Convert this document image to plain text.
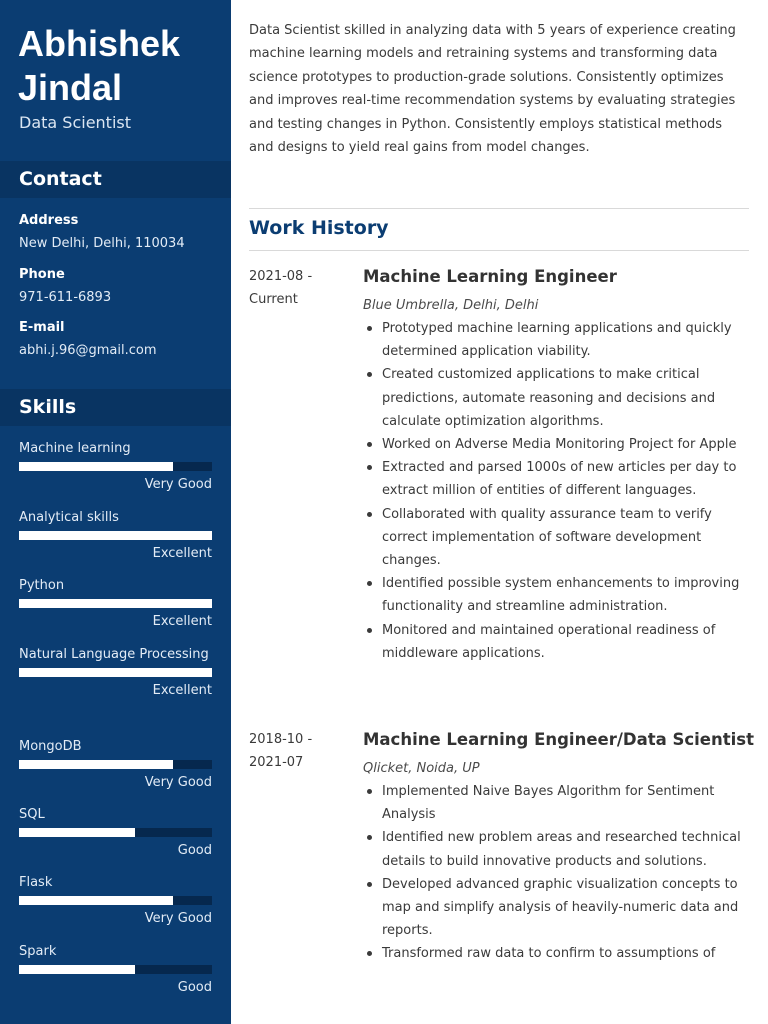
Abhishek
Jindal
Data Scientist
Contact
Address
New Delhi, Delhi, 110034
Phone
971-611-6893
E-mail
abhi.j.96@gmail.com
Skills
Machine learning
Very Good
Analytical skills
Excellent
Python
Excellent
Natural Language Processing
Excellent
MongoDB
Very Good
SQL
Good
Flask
Very Good
Spark
Good
Data Scientist skilled in analyzing data with 5 years of experience creating machine learning models and retraining systems and transforming data science prototypes to production-grade solutions. Consistently optimizes and improves real-time recommendation systems by evaluating strategies and testing changes in Python. Consistently employs statistical methods and designs to yield real gains from model changes.
Work History
2021-08 -
Current
Machine Learning Engineer
Blue Umbrella, Delhi, Delhi
Prototyped machine learning applications and quickly determined application viability.
Created customized applications to make critical predictions, automate reasoning and decisions and calculate optimization algorithms.
Worked on Adverse Media Monitoring Project for Apple
Extracted and parsed 1000s of new articles per day to extract million of entities of different languages.
Collaborated with quality assurance team to verify correct implementation of software development changes.
Identified possible system enhancements to improving functionality and streamline administration.
Monitored and maintained operational readiness of middleware applications.
2018-10 -
2021-07
Machine Learning Engineer/Data Scientist
Qlicket, Noida, UP
Implemented Naive Bayes Algorithm for Sentiment Analysis
Identified new problem areas and researched technical details to build innovative products and solutions.
Developed advanced graphic visualization concepts to map and simplify analysis of heavily-numeric data and reports.
Transformed raw data to confirm to assumptions of
